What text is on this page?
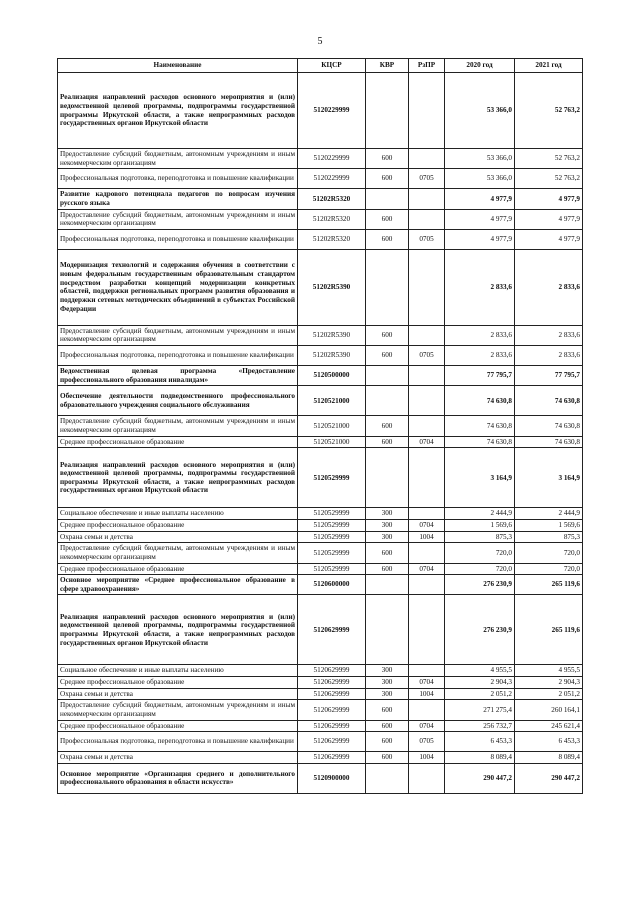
5
Наименование	КЦСР	КВР	РзПР	2020 год	2021 год
Реализация направлений расходов основного мероприятия и (или) ведомственной целевой программы, подпрограммы государственной программы Иркутской области, а также непрограммных расходов государственных органов Иркутской области	5120229999			53 366,0	52 763,2
Предоставление субсидий бюджетным, автономным учреждениям и иным некоммерческим организациям	5120229999	600		53 366,0	52 763,2
Профессиональная подготовка, переподготовка и повышение квалификации	5120229999	600	0705	53 366,0	52 763,2
Развитие кадрового потенциала педагогов по вопросам изучения русского языка	51202R5320			4 977,9	4 977,9
Предоставление субсидий бюджетным, автономным учреждениям и иным некоммерческим организациям	51202R5320	600		4 977,9	4 977,9
Профессиональная подготовка, переподготовка и повышение квалификации	51202R5320	600	0705	4 977,9	4 977,9
Модернизация технологий и содержания обучения в соответствии с новым федеральным государственным образовательным стандартом посредством разработки концепций модернизации конкретных областей, поддержки региональных программ развития образования и поддержки сетевых методических объединений в субъектах Российской Федерации	51202R5390			2 833,6	2 833,6
Предоставление субсидий бюджетным, автономным учреждениям и иным некоммерческим организациям	51202R5390	600		2 833,6	2 833,6
Профессиональная подготовка, переподготовка и повышение квалификации	51202R5390	600	0705	2 833,6	2 833,6
Ведомственная целевая программа «Предоставление профессионального образования инвалидам»	5120500000			77 795,7	77 795,7
Обеспечение деятельности подведомственного профессионального образовательного учреждения социального обслуживания	5120521000			74 630,8	74 630,8
Предоставление субсидий бюджетным, автономным учреждениям и иным некоммерческим организациям	5120521000	600		74 630,8	74 630,8
Среднее профессиональное образование	5120521000	600	0704	74 630,8	74 630,8
Реализация направлений расходов основного мероприятия и (или) ведомственной целевой программы, подпрограммы государственной программы Иркутской области, а также непрограммных расходов государственных органов Иркутской области	5120529999			3 164,9	3 164,9
Социальное обеспечение и иные выплаты населению	5120529999	300		2 444,9	2 444,9
Среднее профессиональное образование	5120529999	300	0704	1 569,6	1 569,6
Охрана семьи и детства	5120529999	300	1004	875,3	875,3
Предоставление субсидий бюджетным, автономным учреждениям и иным некоммерческим организациям	5120529999	600		720,0	720,0
Среднее профессиональное образование	5120529999	600	0704	720,0	720,0
Основное мероприятие «Среднее профессиональное образование в сфере здравоохранения»	5120600000			276 230,9	265 119,6
Реализация направлений расходов основного мероприятия и (или) ведомственной целевой программы, подпрограммы государственной программы Иркутской области, а также непрограммных расходов государственных органов Иркутской области	5120629999			276 230,9	265 119,6
Социальное обеспечение и иные выплаты населению	5120629999	300		4 955,5	4 955,5
Среднее профессиональное образование	5120629999	300	0704	2 904,3	2 904,3
Охрана семьи и детства	5120629999	300	1004	2 051,2	2 051,2
Предоставление субсидий бюджетным, автономным учреждениям и иным некоммерческим организациям	5120629999	600		271 275,4	260 164,1
Среднее профессиональное образование	5120629999	600	0704	256 732,7	245 621,4
Профессиональная подготовка, переподготовка и повышение квалификации	5120629999	600	0705	6 453,3	6 453,3
Охрана семьи и детства	5120629999	600	1004	8 089,4	8 089,4
Основное мероприятие «Организация среднего и дополнительного профессионального образования в области искусств»	5120900000			290 447,2	290 447,2
